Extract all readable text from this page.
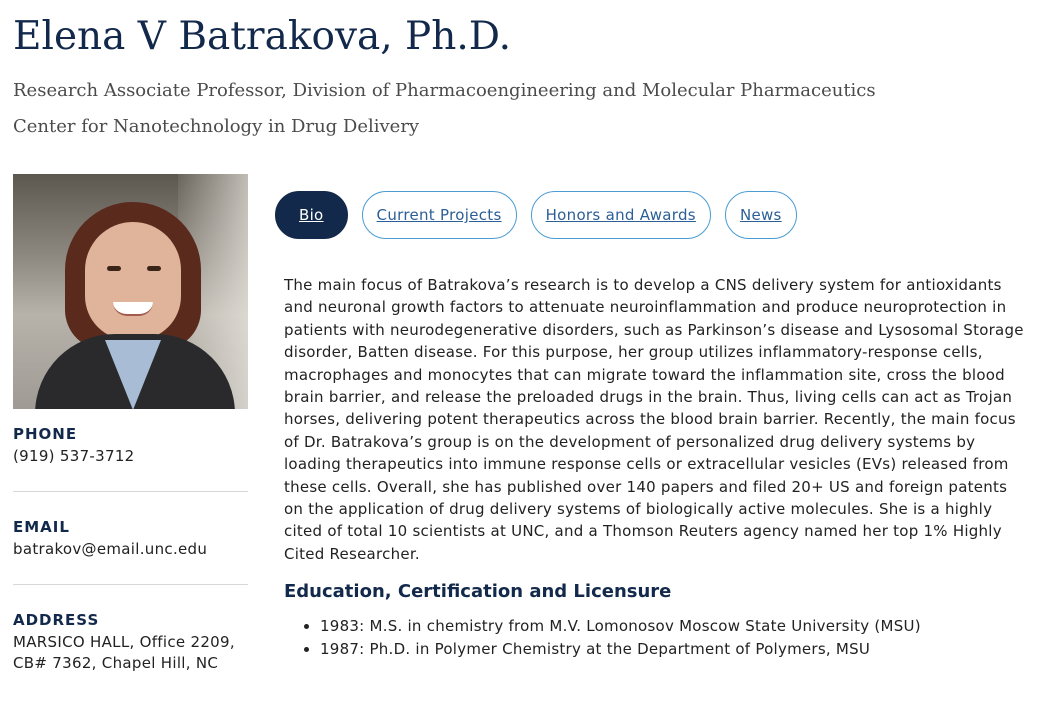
Elena V Batrakova, Ph.D.

Research Associate Professor, Division of Pharmacoengineering and Molecular Pharmaceutics

Center for Nanotechnology in Drug Delivery

PHONE

(919) 537-3712

EMAIL

batrakov@email.unc.edu

ADDRESS

MARSICO HALL, Office 2209,

CB# 7362, Chapel Hill, NC

Bio	Current Projects	Honors and Awards	News

The main focus of Batrakova’s research is to develop a CNS delivery system for antioxidants and neuronal growth factors to attenuate neuroinflammation and produce neuroprotection in patients with neurodegenerative disorders, such as Parkinson’s disease and Lysosomal Storage disorder, Batten disease. For this purpose, her group utilizes inflammatory-response cells, macrophages and monocytes that can migrate toward the inflammation site, cross the blood brain barrier, and release the preloaded drugs in the brain. Thus, living cells can act as Trojan horses, delivering potent therapeutics across the blood brain barrier. Recently, the main focus of Dr. Batrakova’s group is on the development of personalized drug delivery systems by loading therapeutics into immune response cells or extracellular vesicles (EVs) released from these cells. Overall, she has published over 140 papers and filed 20+ US and foreign patents on the application of drug delivery systems of biologically active molecules. She is a highly cited of total 10 scientists at UNC, and a Thomson Reuters agency named her top 1% Highly Cited Researcher.

Education, Certification and Licensure
• 1983: M.S. in chemistry from M.V. Lomonosov Moscow State University (MSU)
• 1987: Ph.D. in Polymer Chemistry at the Department of Polymers, MSU
